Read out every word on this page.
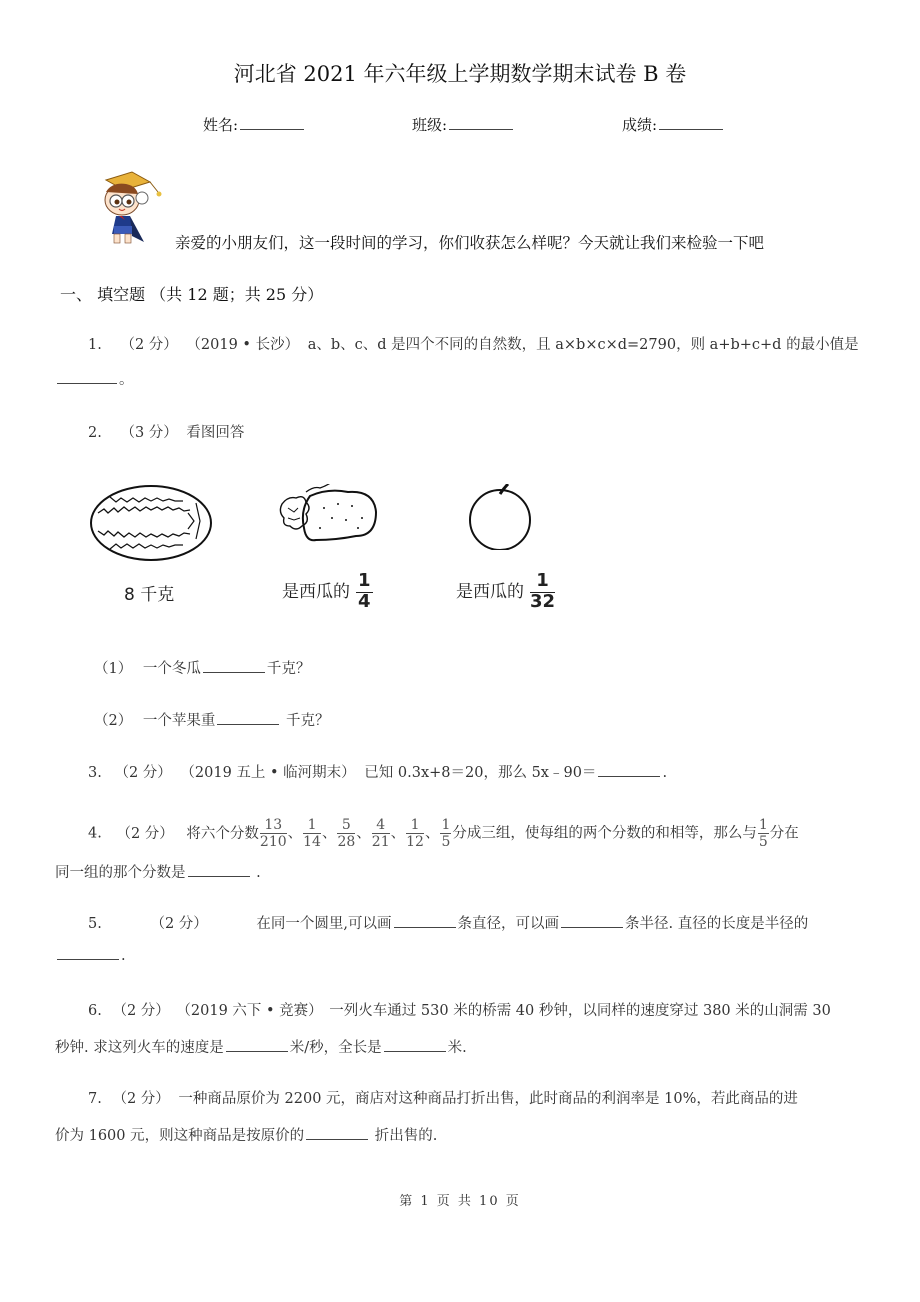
河北省 2021 年六年级上学期数学期末试卷 B 卷
姓名:	班级:	成绩:
亲爱的小朋友们，这一段时间的学习，你们收获怎么样呢？今天就让我们来检验一下吧
一、 填空题 （共 12 题；共 25 分）
1. （2 分） （2019 • 长沙） a、b、c、d 是四个不同的自然数，且 a×b×c×d=2790，则 a+b+c+d 的最小值是
。
2. （3 分） 看图回答
8 千克	是西瓜的 $\frac{1}{4}$	是西瓜的 $\frac{1}{32}$
（1） 一个冬瓜	千克？
（2） 一个苹果重	千克？
3. （2 分） （2019 五上 • 临河期末） 已知 0.3x+8＝20，那么 5x﹣90＝	.
4. （2 分） 将六个分数 $\frac{13}{210}$ 、 $\frac{1}{14}$ 、 $\frac{5}{28}$ 、 $\frac{4}{21}$ 、 $\frac{1}{12}$ 、 $\frac{1}{5}$ 分成三组，使每组的两个分数的和相等，那么与 $\frac{1}{5}$ 分在
同一组的那个分数是	.
5.	（2 分）	在同一个圆里,可以画	条直径，可以画	条半径. 直径的长度是半径的
.
6. （2 分） （2019 六下 • 竞赛） 一列火车通过 530 米的桥需 40 秒钟，以同样的速度穿过 380 米的山洞需 30
秒钟. 求这列火车的速度是	米/秒，全长是	米.
7. （2 分） 一种商品原价为 2200 元，商店对这种商品打折出售，此时商品的利润率是 10%，若此商品的进
价为 1600 元，则这种商品是按原价的	折出售的.
第 1 页 共 10 页
